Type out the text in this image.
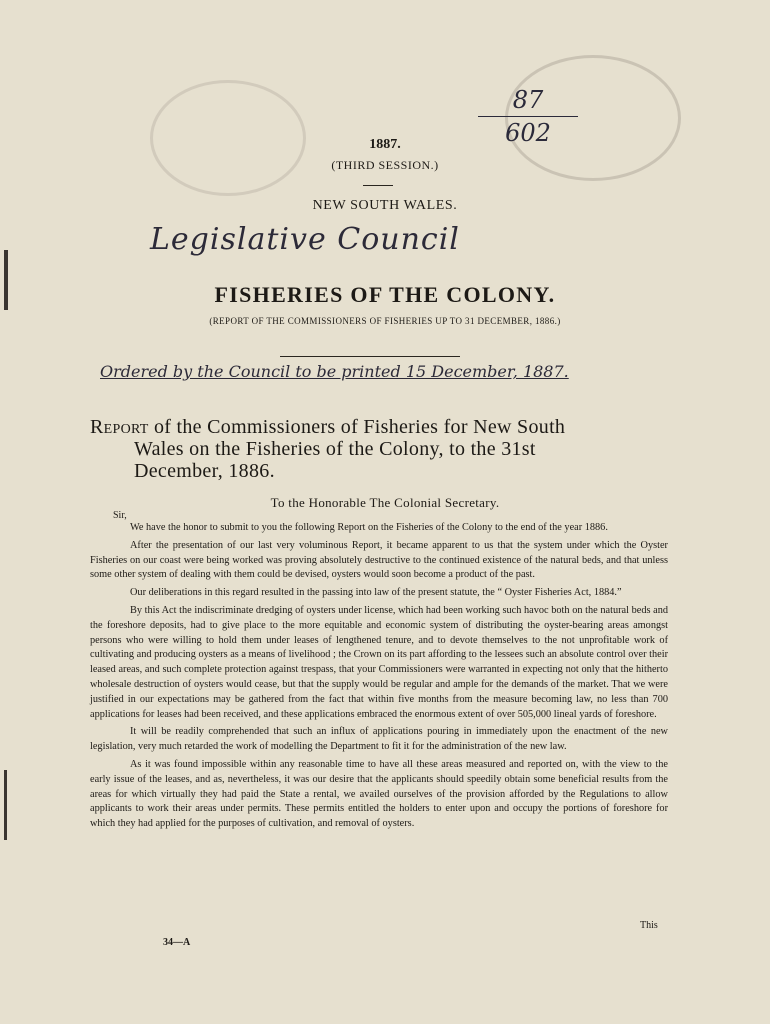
87
602
1887.
(THIRD SESSION.)
NEW SOUTH WALES.
Legislative Council
FISHERIES OF THE COLONY.
(REPORT OF THE COMMISSIONERS OF FISHERIES UP TO 31 DECEMBER, 1886.)
Ordered by the Council to be printed 15 December, 1887.
Report of the Commissioners of Fisheries for New South
Wales on the Fisheries of the Colony, to the 31st
December, 1886.
To the Honorable The Colonial Secretary.
Sir,

We have the honor to submit to you the following Report on the Fisheries of the Colony to the end of the year 1886.

After the presentation of our last very voluminous Report, it became apparent to us that the system under which the Oyster Fisheries on our coast were being worked was proving absolutely destructive to the continued existence of the natural beds, and that unless some other system of dealing with them could be devised, oysters would soon become a product of the past.

Our deliberations in this regard resulted in the passing into law of the present statute, the “ Oyster Fisheries Act, 1884.”

By this Act the indiscriminate dredging of oysters under license, which had been working such havoc both on the natural beds and the foreshore deposits, had to give place to the more equitable and economic system of distributing the oyster-bearing areas amongst persons who were willing to hold them under leases of lengthened tenure, and to devote themselves to the not unprofitable work of cultivating and producing oysters as a means of livelihood ; the Crown on its part affording to the lessees such an absolute control over their leased areas, and such complete protection against trespass, that your Commissioners were warranted in expecting not only that the hitherto wholesale destruction of oysters would cease, but that the supply would be regular and ample for the demands of the market. That we were justified in our expectations may be gathered from the fact that within five months from the measure becoming law, no less than 700 applications for leases had been received, and these applications embraced the enormous extent of over 505,000 lineal yards of foreshore.

It will be readily comprehended that such an influx of applications pouring in immediately upon the enactment of the new legislation, very much retarded the work of modelling the Department to fit it for the administration of the new law.

As it was found impossible within any reasonable time to have all these areas measured and reported on, with the view to the early issue of the leases, and as, nevertheless, it was our desire that the applicants should speedily obtain some beneficial results from the areas for which virtually they had paid the State a rental, we availed ourselves of the provision afforded by the Regulations to allow applicants to work their areas under permits. These permits entitled the holders to enter upon and occupy the portions of foreshore for which they had applied for the purposes of cultivation, and removal of oysters.

This
34—A
